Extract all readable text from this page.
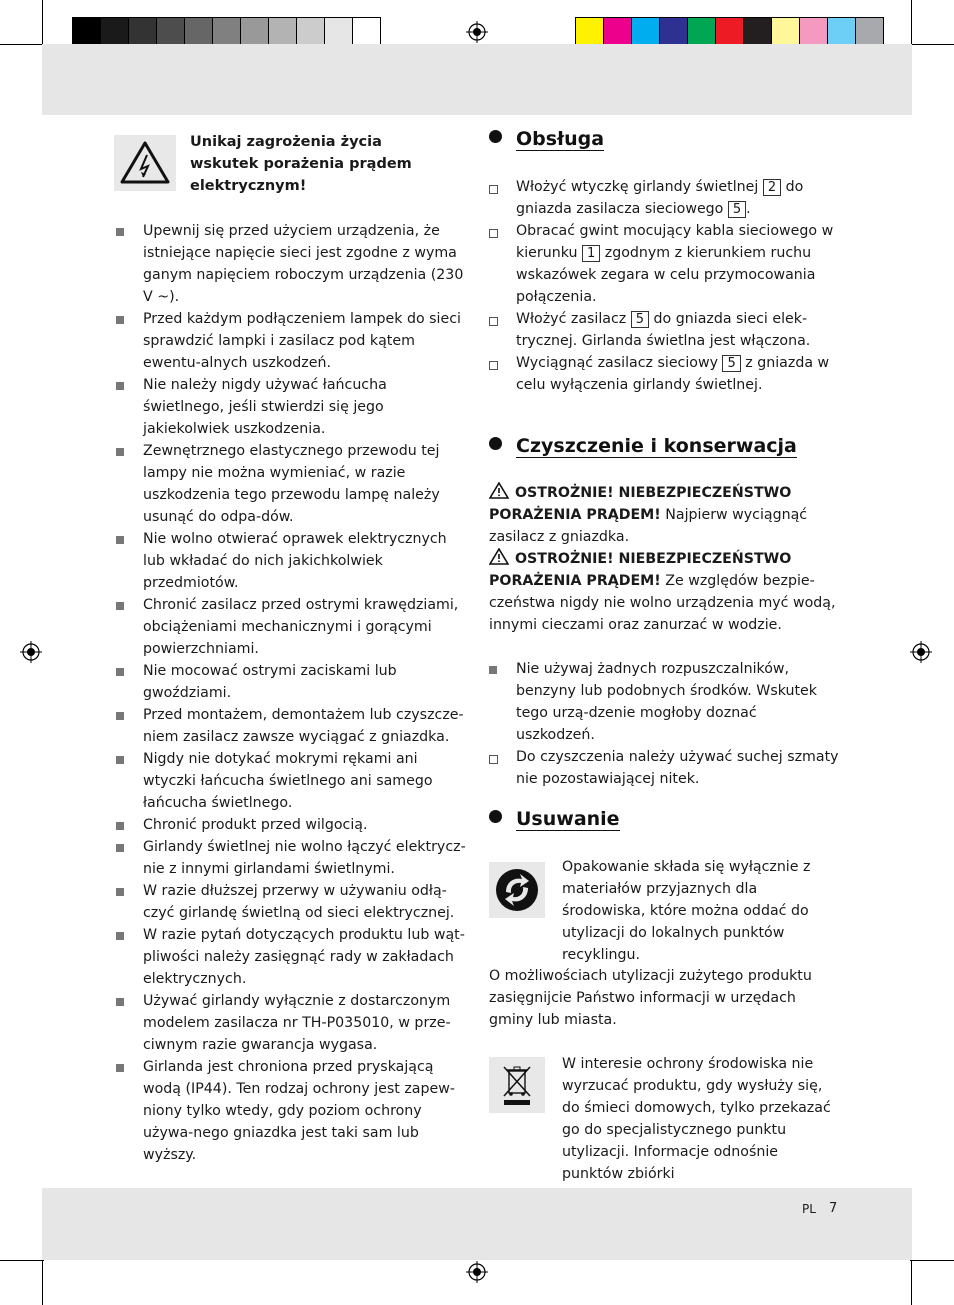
Unikaj zagrożenia życia wskutek porażenia prądem elektrycznym!

Upewnij się przed użyciem urządzenia, że istniejące napięcie sieci jest zgodne z wyma ganym napięciem roboczym urządzenia (230 V ~).

Przed każdym podłączeniem lampek do sieci sprawdzić lampki i zasilacz pod kątem ewentu-alnych uszkodzeń.

Nie należy nigdy używać łańcucha świetlnego, jeśli stwierdzi się jego jakiekolwiek uszkodzenia.

Zewnętrznego elastycznego przewodu tej lampy nie można wymieniać, w razie uszkodzenia tego przewodu lampę należy usunąć do odpa-dów.

Nie wolno otwierać oprawek elektrycznych lub wkładać do nich jakichkolwiek przedmiotów.

Chronić zasilacz przed ostrymi krawędziami, obciążeniami mechanicznymi i gorącymi powierzchniami.

Nie mocować ostrymi zaciskami lub gwoździami.

Przed montażem, demontażem lub czyszcze-niem zasilacz zawsze wyciągać z gniazdka.

Nigdy nie dotykać mokrymi rękami ani wtyczki łańcucha świetlnego ani samego łańcucha świetlnego.

Chronić produkt przed wilgocią.

Girlandy świetlnej nie wolno łączyć elektrycz-nie z innymi girlandami świetlnymi.

W razie dłuższej przerwy w używaniu odłą-czyć girlandę świetlną od sieci elektrycznej.

W razie pytań dotyczących produktu lub wąt-pliwości należy zasięgnąć rady w zakładach elektrycznych.

Używać girlandy wyłącznie z dostarczonym modelem zasilacza nr TH-P035010, w prze-ciwnym razie gwarancja wygasa.

Girlanda jest chroniona przed pryskającą wodą (IP44). Ten rodzaj ochrony jest zapew-niony tylko wtedy, gdy poziom ochrony używa-nego gniazdka jest taki sam lub wyższy.

Obsługa

Włożyć wtyczkę girlandy świetlnej 2 do gniazda zasilacza sieciowego 5 .

Obracać gwint mocujący kabla sieciowego w kierunku 1 zgodnym z kierunkiem ruchu wskazówek zegara w celu przymocowania połączenia.

Włożyć zasilacz 5 do gniazda sieci elek-trycznej. Girlanda świetlna jest włączona.

Wyciągnąć zasilacz sieciowy 5 z gniazda w celu wyłączenia girlandy świetlnej.

Czyszczenie i konserwacja
OSTROŻNIE! NIEBEZPIECZEŃSTWO PORAŻENIA PRĄDEM! Najpierw wyciągnąć zasilacz z gniazdka.
OSTROŻNIE! NIEBEZPIECZEŃSTWO PORAŻENIA PRĄDEM! Ze względów bezpie-czeństwa nigdy nie wolno urządzenia myć wodą, innymi cieczami oraz zanurzać w wodzie.

Nie używaj żadnych rozpuszczalników, benzyny lub podobnych środków. Wskutek tego urzą-dzenie mogłoby doznać uszkodzeń.

Do czyszczenia należy używać suchej szmaty nie pozostawiającej nitek.

Usuwanie
Opakowanie składa się wyłącznie z materiałów przyjaznych dla środowiska, które można oddać do utylizacji do lokalnych punktów recyklingu.
O możliwościach utylizacji zużytego produktu zasięgnijcie Państwo informacji w urzędach gminy lub miasta.
W interesie ochrony środowiska nie wyrzucać produktu, gdy wysłuży się, do śmieci domowych, tylko przekazać go do specjalistycznego punktu utylizacji. Informacje odnośnie punktów zbiórki
PL 7
